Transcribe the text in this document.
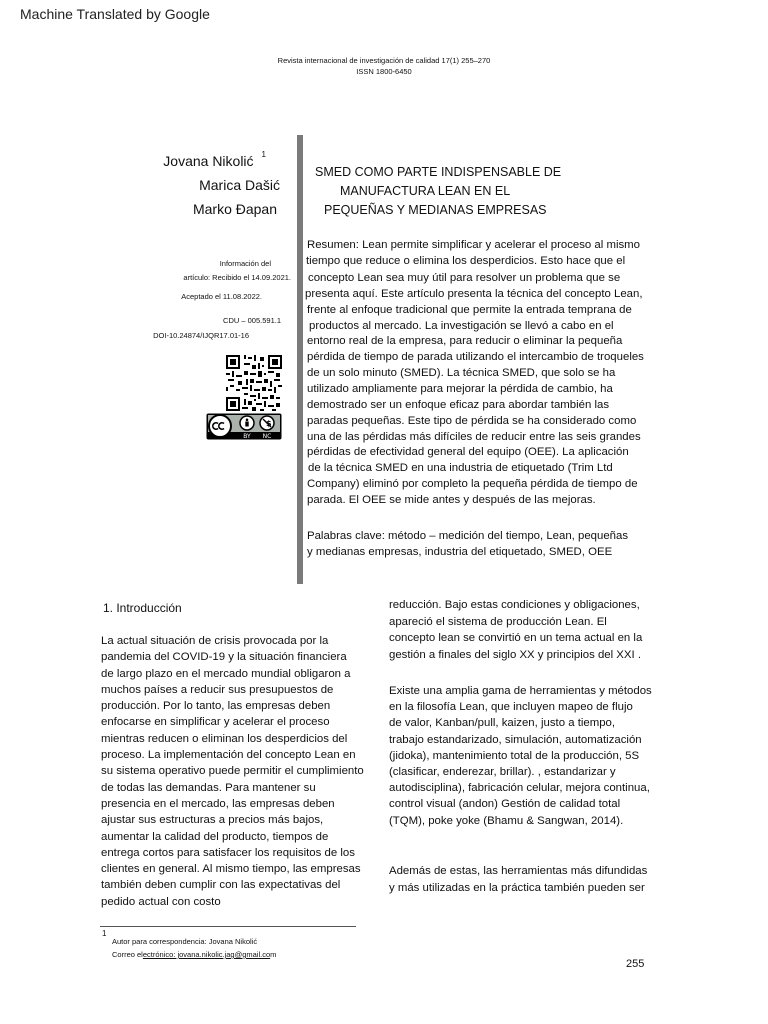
Machine Translated by Google
Revista internacional de investigación de calidad 17(1) 255–270
ISSN 1800-6450
Jovana Nikolić $^1$
Marica Dašić
Marko Đapan
Información del
artículo: Recibido el 14.09.2021.
Aceptado el 11.08.2022.
CDU – 005.591.1
DOI-10.24874/IJQR17.01-16
$
BY NC
SMED COMO PARTE INDISPENSABLE DE
MANUFACTURA LEAN EN EL
PEQUEÑAS Y MEDIANAS EMPRESAS
Resumen: Lean permite simplificar y acelerar el proceso al mismo
tiempo que reduce o elimina los desperdicios. Esto hace que el
concepto Lean sea muy útil para resolver un problema que se
presenta aquí. Este artículo presenta la técnica del concepto Lean,
frente al enfoque tradicional que permite la entrada temprana de
productos al mercado. La investigación se llevó a cabo en el
entorno real de la empresa, para reducir o eliminar la pequeña
pérdida de tiempo de parada utilizando el intercambio de troqueles
de un solo minuto (SMED). La técnica SMED, que solo se ha
utilizado ampliamente para mejorar la pérdida de cambio, ha
demostrado ser un enfoque eficaz para abordar también las
paradas pequeñas. Este tipo de pérdida se ha considerado como
una de las pérdidas más difíciles de reducir entre las seis grandes
pérdidas de efectividad general del equipo (OEE). La aplicación
de la técnica SMED en una industria de etiquetado (Trim Ltd
Company) eliminó por completo la pequeña pérdida de tiempo de
parada. El OEE se mide antes y después de las mejoras.
Palabras clave: método – medición del tiempo, Lean, pequeñas
y medianas empresas, industria del etiquetado, SMED, OEE
1. Introducción
La actual situación de crisis provocada por la
pandemia del COVID-19 y la situación financiera
de largo plazo en el mercado mundial obligaron a
muchos países a reducir sus presupuestos de
producción. Por lo tanto, las empresas deben
enfocarse en simplificar y acelerar el proceso
mientras reducen o eliminan los desperdicios del
proceso. La implementación del concepto Lean en
su sistema operativo puede permitir el cumplimiento
de todas las demandas. Para mantener su
presencia en el mercado, las empresas deben
ajustar sus estructuras a precios más bajos,
aumentar la calidad del producto, tiempos de
entrega cortos para satisfacer los requisitos de los
clientes en general. Al mismo tiempo, las empresas
también deben cumplir con las expectativas del
pedido actual con costo
reducción. Bajo estas condiciones y obligaciones,
apareció el sistema de producción Lean. El
concepto lean se convirtió en un tema actual en la
gestión a finales del siglo XX y principios del XXI .
Existe una amplia gama de herramientas y métodos
en la filosofía Lean, que incluyen mapeo de flujo
de valor, Kanban/pull, kaizen, justo a tiempo,
trabajo estandarizado, simulación, automatización
(jidoka), mantenimiento total de la producción, 5S
(clasificar, enderezar, brillar). , estandarizar y
autodisciplina), fabricación celular, mejora continua,
control visual (andon) Gestión de calidad total
(TQM), poke yoke (Bhamu & Sangwan, 2014).
Además de estas, las herramientas más difundidas
y más utilizadas en la práctica también pueden ser
1
Autor para correspondencia: Jovana Nikolić
Correo electrónico: jovana.nikolic.jag@gmail.com
255
